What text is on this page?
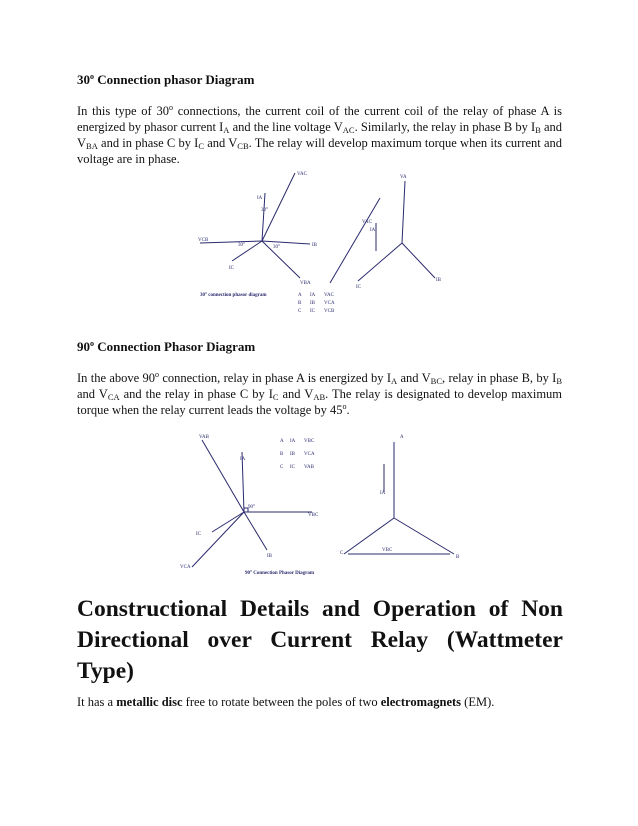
30$^o$ Connection phasor Diagram
In this type of 30$^o$ connections, the current coil of the current coil of the relay of phase A is energized by phasor current $I_A$ and the line voltage $V_{AC}$. Similarly, the relay in phase B by $I_B$ and $V_{BA}$ and in phase C by $I_C$ and $V_{CB}$. The relay will develop maximum torque when its current and voltage are in phase.
VAC
IA
30°
VCB
30°	30°	IB
IC
VBA
VA
VAC
IA
IB
IC
30° connection phasor diagram	A IA VAC
B IB VCA
C IC VCB
90$^o$ Connection Phasor Diagram
In the above 90$^o$ connection, relay in phase A is energized by $I_A$ and $V_{BC}$, relay in phase B, by $I_B$ and $V_{CA}$ and the relay in phase C by $I_C$ and $V_{AB}$. The relay is designated to develop maximum torque when the relay current leads the voltage by 45$^o$.
VAB
IA
90°
VBC
IC
IB
VCA
A
IA
C
VBC
B
90° Connection Phasor Diagram
A IA VBC
B IB VCA
C IC VAB
Constructional Details and Operation of Non Directional over Current Relay (Wattmeter Type)
It has a metallic disc free to rotate between the poles of two electromagnets (EM).
